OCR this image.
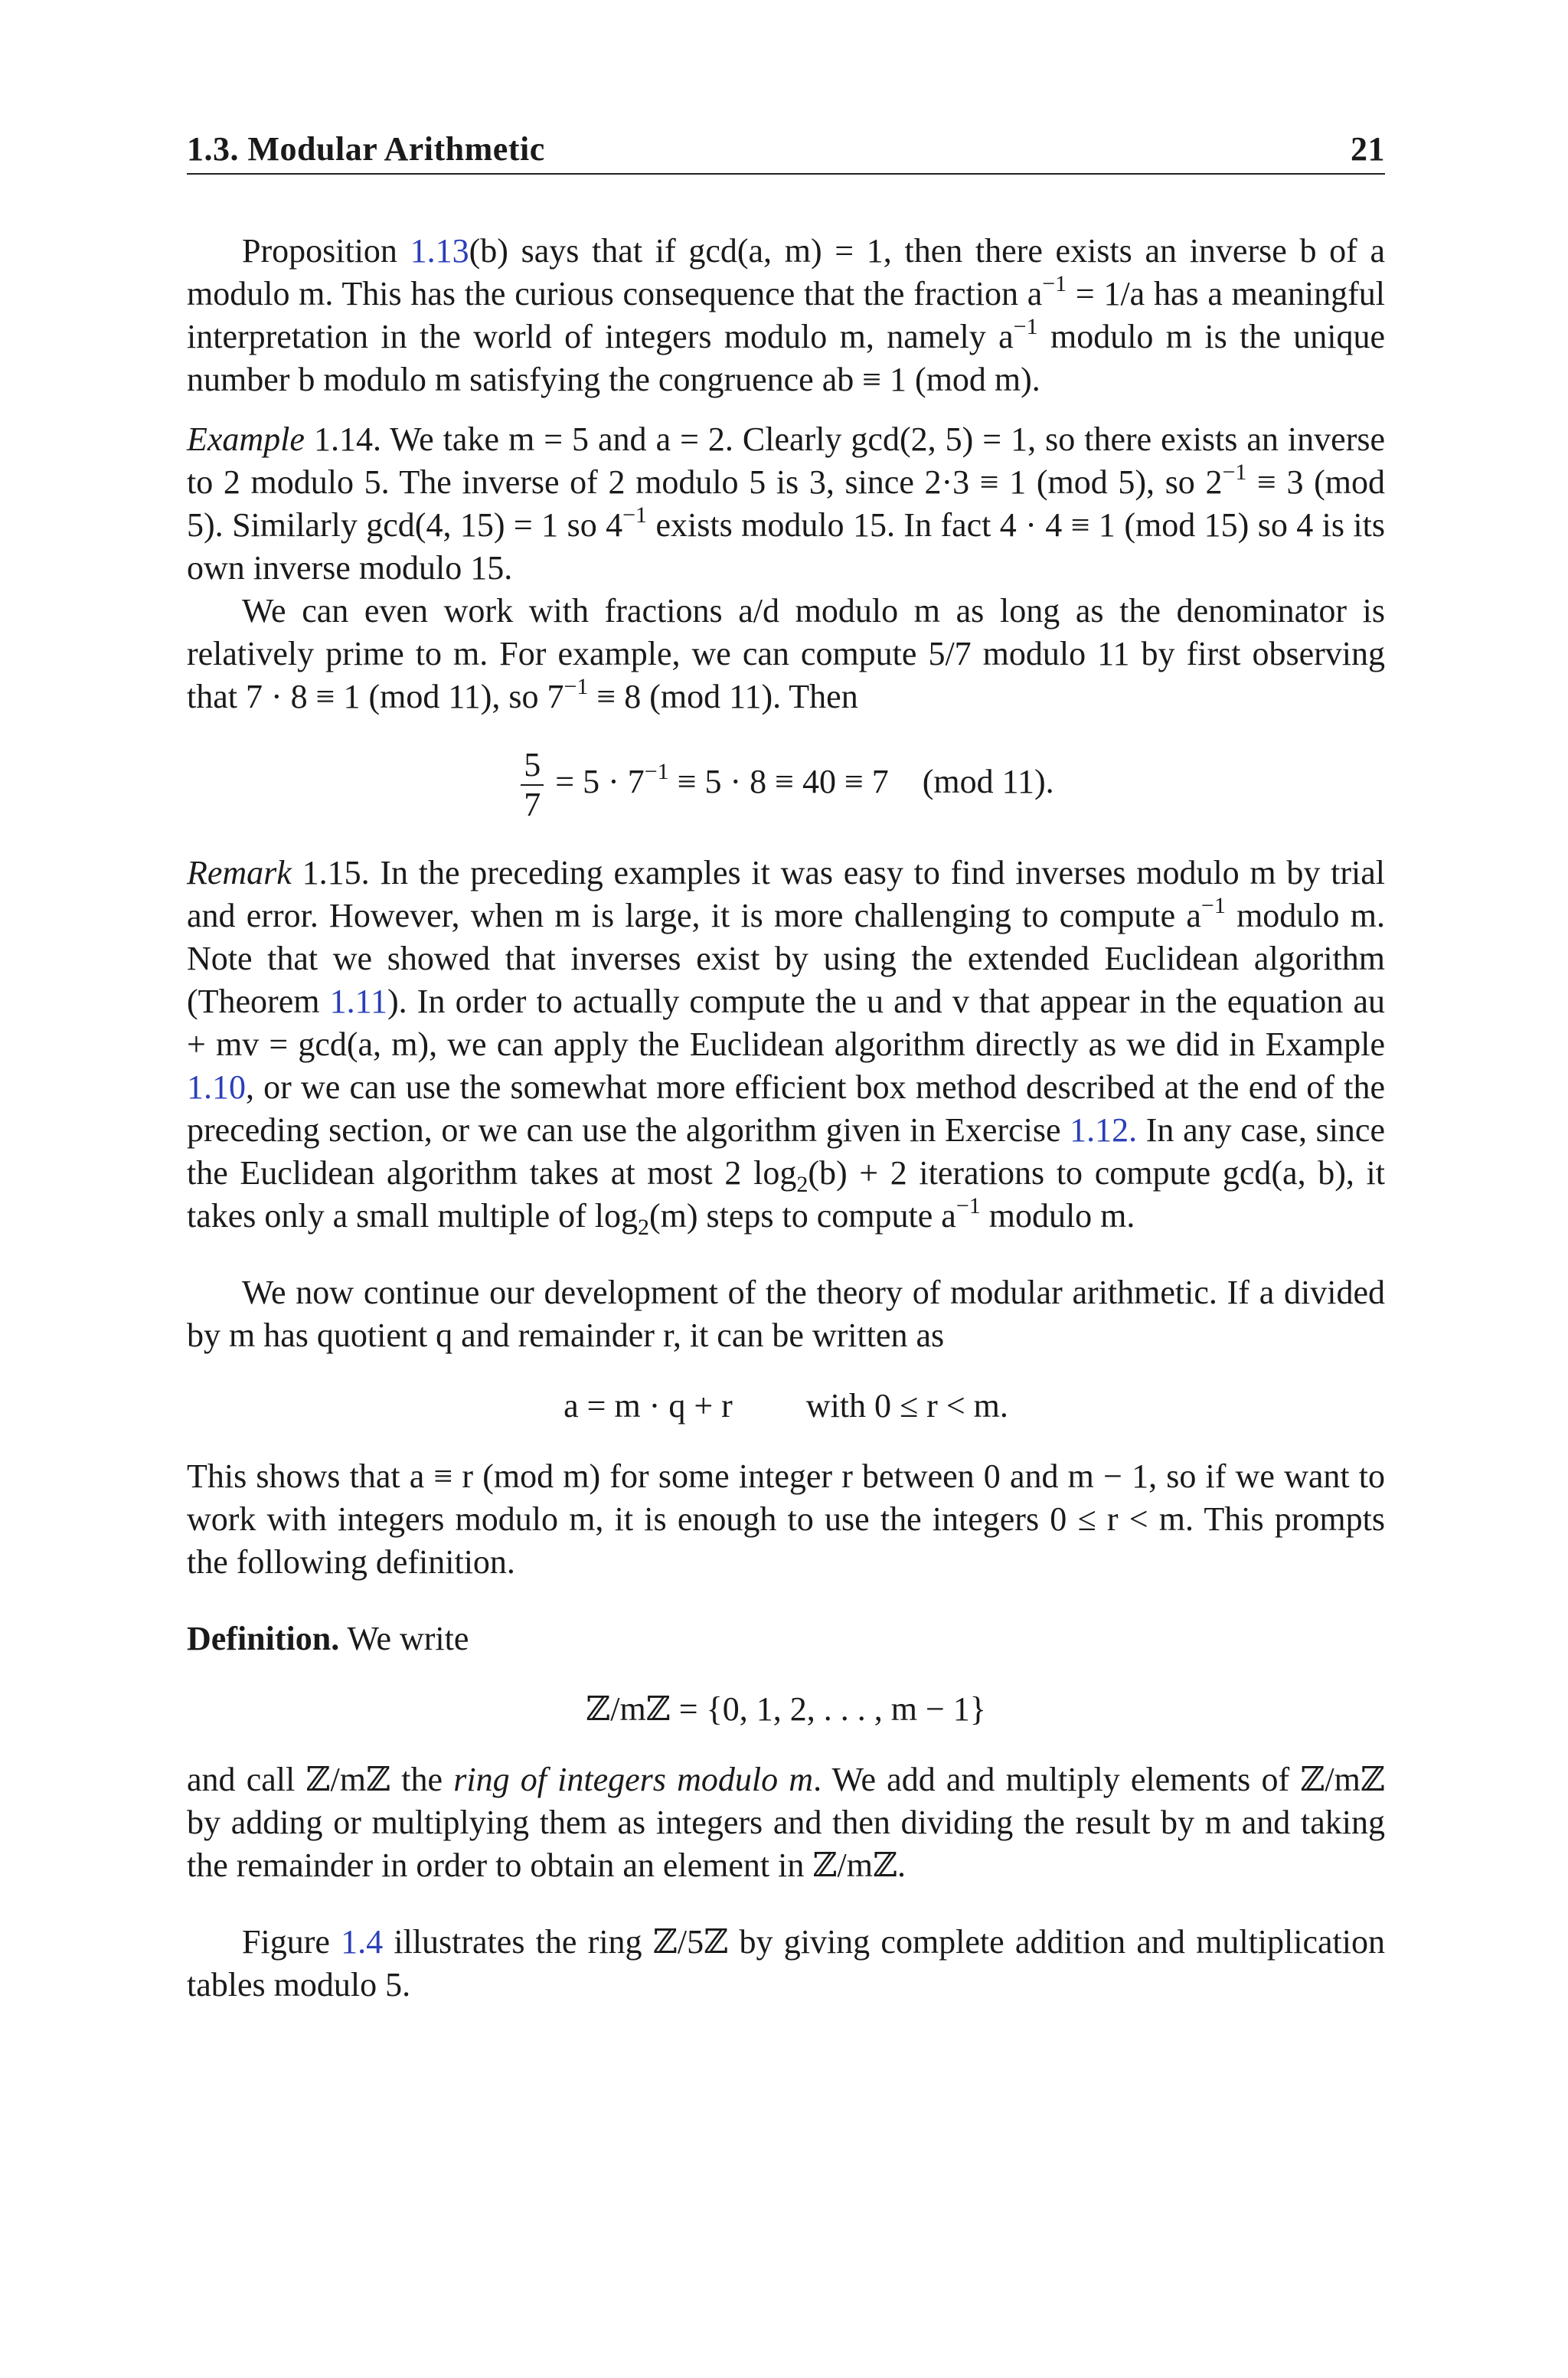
1.3. Modular Arithmetic	21

Proposition 1.13(b) says that if gcd(a, m) = 1, then there exists an inverse b of a modulo m. This has the curious consequence that the fraction $a^{-1} = 1/a$ has a meaningful interpretation in the world of integers modulo m, namely $a^{-1}$ modulo m is the unique number b modulo m satisfying the congruence ab ≡ 1 (mod m).

Example 1.14. We take m = 5 and a = 2. Clearly gcd(2, 5) = 1, so there exists an inverse to 2 modulo 5. The inverse of 2 modulo 5 is 3, since 2·3 ≡ 1 (mod 5), so $2^{-1} \equiv 3$ (mod 5). Similarly gcd(4, 15) = 1 so $4^{-1}$ exists modulo 15. In fact 4 · 4 ≡ 1 (mod 15) so 4 is its own inverse modulo 15.

We can even work with fractions a/d modulo m as long as the denominator is relatively prime to m. For example, we can compute 5/7 modulo 11 by first observing that 7 · 8 ≡ 1 (mod 11), so $7^{-1} \equiv 8$ (mod 11). Then

$\frac{5}{7} = 5 \cdot 7^{-1} \equiv 5 \cdot 8 \equiv 40 \equiv 7$    (mod 11).

Remark 1.15. In the preceding examples it was easy to find inverses modulo m by trial and error. However, when m is large, it is more challenging to compute $a^{-1}$ modulo m. Note that we showed that inverses exist by using the extended Euclidean algorithm (Theorem 1.11). In order to actually compute the u and v that appear in the equation au + mv = gcd(a, m), we can apply the Euclidean algorithm directly as we did in Example 1.10, or we can use the somewhat more efficient box method described at the end of the preceding section, or we can use the algorithm given in Exercise 1.12. In any case, since the Euclidean algorithm takes at most 2 $\log_2(b) + 2$ iterations to compute gcd(a, b), it takes only a small multiple of $\log_2(m)$ steps to compute $a^{-1}$ modulo m.

We now continue our development of the theory of modular arithmetic. If a divided by m has quotient q and remainder r, it can be written as

a = m · q + r with 0 ≤ r < m.

This shows that a ≡ r (mod m) for some integer r between 0 and m − 1, so if we want to work with integers modulo m, it is enough to use the integers 0 ≤ r < m. This prompts the following definition.

Definition. We write

ℤ/mℤ = {0, 1, 2, . . . , m − 1}

and call ℤ/mℤ the ring of integers modulo m. We add and multiply elements of ℤ/mℤ by adding or multiplying them as integers and then dividing the result by m and taking the remainder in order to obtain an element in ℤ/mℤ.

Figure 1.4 illustrates the ring ℤ/5ℤ by giving complete addition and multiplication tables modulo 5.
